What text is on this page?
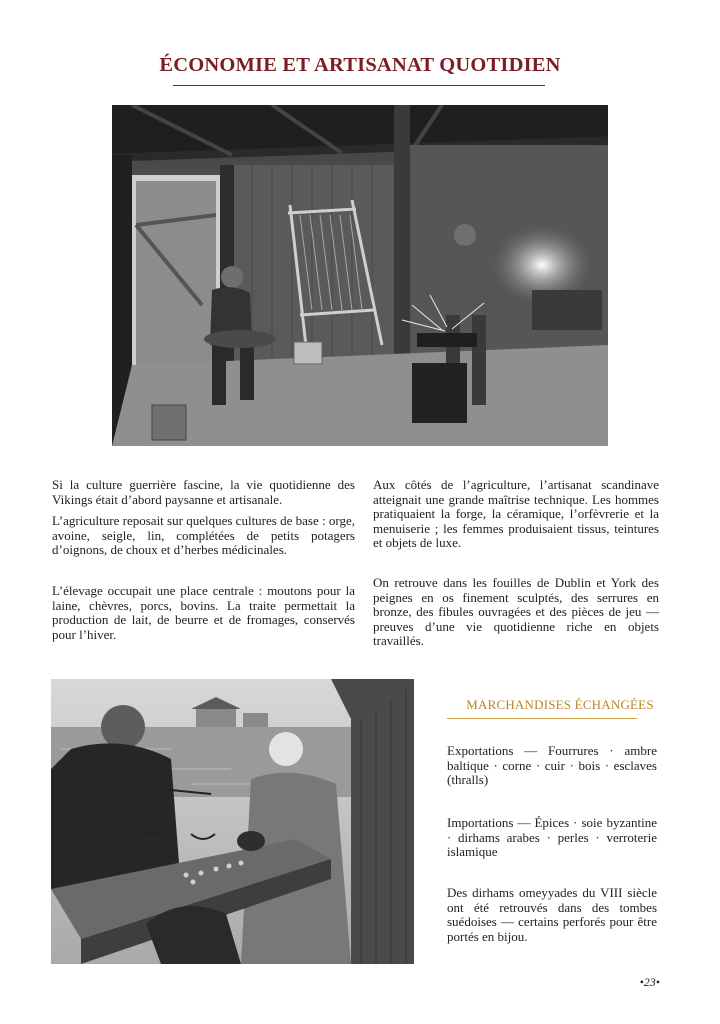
ÉCONOMIE ET ARTISANAT QUOTIDIEN

Si la culture guerrière fascine, la vie quotidienne des Vikings était d’abord paysanne et artisanale.

L’agriculture reposait sur quelques cultures de base : orge, avoine, seigle, lin, complétées de petits potagers d’oignons, de choux et d’herbes médicinales.

L’élevage occupait une place centrale : moutons pour la laine, chèvres, porcs, bovins. La traite permettait la production de lait, de beurre et de fromages, conservés pour l’hiver.

Aux côtés de l’agriculture, l’artisanat scandinave atteignait une grande maîtrise technique. Les hommes pratiquaient la forge, la céramique, l’orfèvrerie et la menuiserie ; les femmes produisaient tissus, teintures et objets de luxe.

On retrouve dans les fouilles de Dublin et York des peignes en os finement sculptés, des serrures en bronze, des fibules ouvragées et des pièces de jeu — preuves d’une vie quotidienne riche en objets travaillés.

MARCHANDISES ÉCHANGÉES
Exportations — Fourrures · ambre baltique · corne · cuir · bois · esclaves (thralls)
Importations — Épices · soie byzantine · dirhams arabes · perles · verroterie islamique
Des dirhams omeyyades du VIII siècle ont été retrouvés dans des tombes suédoises — certains perforés pour être portés en bijou.
•23•
